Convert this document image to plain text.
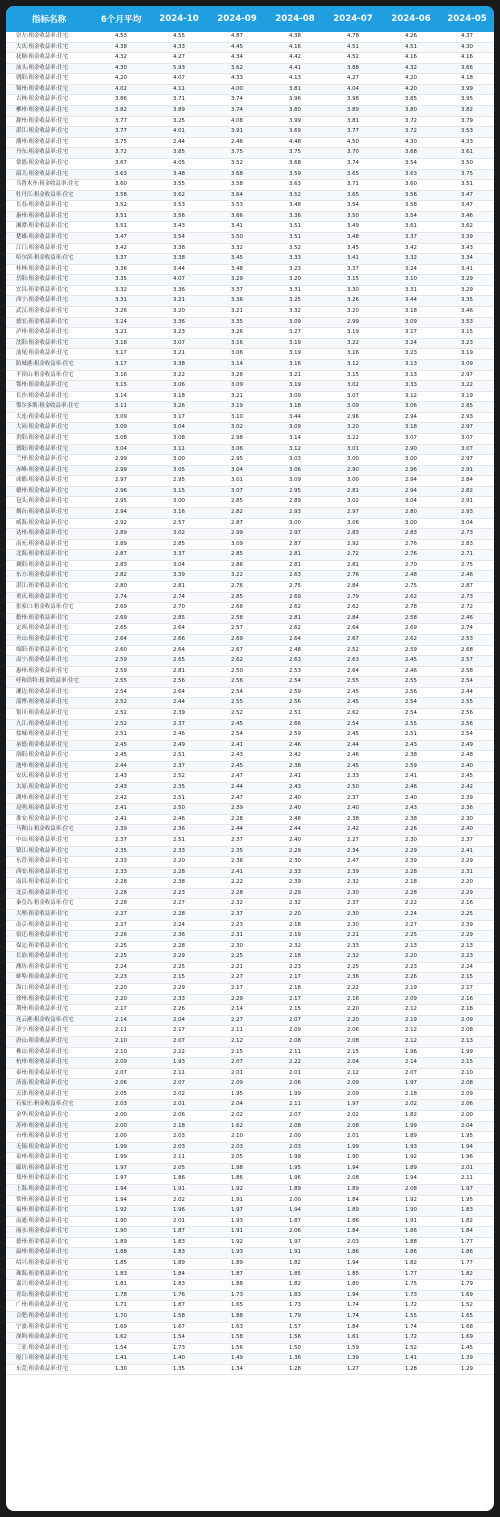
指标名称	6个月平均	2024-10	2024-09	2024-08	2024-07	2024-06	2024-05
崇左:租金收益率:住宅	4.53	4.55	4.87	4.38	4.78	4.26	4.37
大庆:租金收益率:住宅	4.38	4.33	4.45	4.16	4.51	4.51	4.30
抚顺:租金收益率:住宅	4.32	4.27	4.34	4.42	4.52	4.16	4.16
汕头:租金收益率:住宅	4.30	5.93	3.62	4.41	3.88	4.32	3.66
朝阳:租金收益率:住宅	4.20	4.07	4.33	4.13	4.27	4.20	4.18
锦州:租金收益率:住宅	4.02	4.11	4.00	3.81	4.04	4.20	3.99
吉林:租金收益率:住宅	3.86	3.71	3.74	3.96	3.98	3.85	3.95
郴州:租金收益率:住宅	3.82	3.89	3.74	3.80	3.89	3.80	3.82
滁州:租金收益率:住宅	3.77	3.25	4.08	3.99	3.81	3.72	3.79
湛江:租金收益率:住宅	3.77	4.01	3.91	3.69	3.77	3.72	3.53
潮州:租金收益率:住宅	3.75	2.44	2.46	4.48	4.50	4.30	4.33
丹东:租金收益率:住宅	3.72	3.85	3.75	3.75	3.70	3.68	3.61
常德:租金收益率:住宅	3.67	4.05	3.52	3.68	3.74	3.54	3.50
韶关:租金收益率:住宅	3.63	3.48	3.68	3.59	3.65	3.63	3.75
乌鲁木齐:租金收益率:住宅	3.60	3.55	3.58	3.63	3.71	3.60	3.51
牡丹江:租金收益率:住宅	3.58	3.62	3.64	3.52	3.65	3.56	3.47
长春:租金收益率:住宅	3.52	3.53	3.53	3.48	3.54	3.58	3.47
惠州:租金收益率:住宅	3.51	3.56	3.66	3.36	3.50	3.54	3.46
湘潭:租金收益率:住宅	3.51	3.43	3.41	3.51	3.49	3.61	3.62
楚雄:租金收益率:住宅	3.47	3.54	3.50	3.51	3.48	3.37	3.39
江门:租金收益率:住宅	3.42	3.38	3.32	3.52	3.45	3.42	3.43
哈尔滨:租金收益率:住宅	3.37	3.38	3.45	3.33	3.41	3.32	3.34
桂林:租金收益率:住宅	3.36	3.44	3.48	3.23	3.37	3.24	3.41
岳阳:租金收益率:住宅	3.35	4.07	3.29	3.20	3.15	3.10	3.29
宜昌:租金收益率:住宅	3.32	3.36	3.37	3.31	3.30	3.31	3.29
西宁:租金收益率:住宅	3.31	3.21	3.36	3.25	3.26	3.44	3.35
武汉:租金收益率:住宅	3.26	3.20	3.21	3.32	3.20	3.18	3.46
德宏:租金收益率:住宅	3.24	3.36	3.35	3.09	2.99	3.09	3.53
泸州:租金收益率:住宅	3.21	3.23	3.26	3.27	3.19	3.17	3.15
沈阳:租金收益率:住宅	3.18	3.07	3.16	3.19	3.22	3.24	3.23
汕尾:租金收益率:住宅	3.17	3.21	3.06	3.19	3.16	3.23	3.19
防城港:租金收益率:住宅	3.17	3.38	3.14	3.16	3.12	3.13	3.09
平顶山:租金收益率:住宅	3.16	3.22	3.28	3.21	3.15	3.13	2.97
鄂州:租金收益率:住宅	3.15	3.06	3.09	3.19	3.02	3.33	3.22
长沙:租金收益率:住宅	3.14	3.18	3.21	3.09	3.07	3.12	3.19
鄂尔多斯:租金收益率:住宅	3.11	3.26	3.19	3.18	3.09	3.06	2.85
大连:租金收益率:住宅	3.09	3.17	3.10	3.44	2.96	2.94	2.93
大同:租金收益率:住宅	3.09	3.04	3.02	3.09	3.20	3.18	2.97
贵阳:租金收益率:住宅	3.08	3.08	2.98	3.14	3.22	3.07	3.07
德阳:租金收益率:住宅	3.04	3.11	3.06	3.12	3.01	2.90	3.07
兰州:租金收益率:住宅	2.99	3.00	2.95	3.03	3.00	3.00	2.97
赤峰:租金收益率:住宅	2.99	3.05	3.04	3.06	2.90	2.96	2.91
成都:租金收益率:住宅	2.97	2.95	3.01	3.09	3.00	2.94	2.84
赣州:租金收益率:住宅	2.96	3.15	3.07	2.95	2.81	2.94	2.82
包头:租金收益率:住宅	2.95	3.00	2.85	2.89	3.02	3.04	2.91
烟台:租金收益率:住宅	2.94	3.16	2.82	2.93	2.97	2.80	2.93
威海:租金收益率:住宅	2.92	2.57	2.87	3.00	3.06	3.00	3.04
达州:租金收益率:住宅	2.89	3.02	2.99	2.97	2.83	2.83	2.73
南充:租金收益率:住宅	2.89	2.85	3.09	2.87	2.92	2.76	2.83
北海:租金收益率:住宅	2.87	3.37	2.85	2.81	2.72	2.76	2.71
襄阳:租金收益率:住宅	2.83	3.04	2.86	2.81	2.81	2.70	2.75
东方:租金收益率:住宅	2.82	3.39	3.22	2.63	2.76	2.48	2.46
湛江:租金收益率:住宅	2.80	2.81	2.76	2.75	2.84	2.75	2.87
重庆:租金收益率:住宅	2.74	2.74	2.85	2.69	2.79	2.62	2.73
张家口:租金收益率:住宅	2.69	2.70	2.68	2.62	2.62	2.78	2.72
儋州:租金收益率:住宅	2.69	2.85	2.58	2.81	2.84	2.58	2.46
定西:租金收益率:住宅	2.65	2.64	2.57	2.62	2.64	2.69	2.74
舟山:租金收益率:住宅	2.64	2.66	2.69	2.64	2.67	2.62	2.53
绵阳:租金收益率:住宅	2.60	2.64	2.67	2.48	2.52	2.59	2.68
南宁:租金收益率:住宅	2.59	2.65	2.62	2.63	2.63	2.45	2.57
惠州:租金收益率:住宅	2.59	2.81	2.50	2.53	2.64	2.46	2.58
呼和浩特:租金收益率:住宅	2.55	2.56	2.56	2.54	2.55	2.55	2.54
漯边:租金收益率:住宅	2.54	2.64	2.54	2.59	2.45	2.56	2.44
淄博:租金收益率:住宅	2.52	2.44	2.55	2.56	2.45	2.54	2.55
银川:租金收益率:住宅	2.52	2.39	2.52	2.51	2.62	2.54	2.56
九江:租金收益率:住宅	2.52	2.37	2.45	2.66	2.54	2.55	2.56
盐城:租金收益率:住宅	2.51	2.46	2.54	2.59	2.45	2.51	2.54
承德:租金收益率:住宅	2.45	2.49	2.41	2.46	2.44	2.43	2.49
洛阳:租金收益率:住宅	2.45	2.51	2.43	2.42	2.46	2.38	2.48
池州:租金收益率:住宅	2.44	2.37	2.45	2.38	2.45	2.59	2.40
安庆:租金收益率:住宅	2.43	2.52	2.47	2.41	2.33	2.41	2.45
太原:租金收益率:住宅	2.43	2.35	2.44	2.43	2.50	2.46	2.42
湖州:租金收益率:住宅	2.42	2.51	2.47	2.40	2.37	2.40	2.39
昆明:租金收益率:住宅	2.41	2.50	2.39	2.40	2.40	2.43	2.36
淮安:租金收益率:住宅	2.41	2.46	2.28	2.48	2.38	2.38	2.30
马鞍山:租金收益率:住宅	2.39	2.36	2.44	2.44	2.42	2.26	2.40
中山:租金收益率:住宅	2.37	2.51	2.37	2.40	2.27	2.30	2.37
镇江:租金收益率:住宅	2.35	2.33	2.35	2.29	2.34	2.29	2.41
东营:租金收益率:住宅	2.33	2.20	2.36	2.30	2.47	2.39	2.29
西安:租金收益率:住宅	2.33	2.28	2.41	2.33	2.39	2.28	2.31
南昌:租金收益率:住宅	2.28	2.38	2.22	2.39	2.32	2.18	2.20
北京:租金收益率:住宅	2.28	2.23	2.28	2.29	2.30	2.28	2.29
秦皇岛:租金收益率:住宅	2.28	2.27	2.32	2.32	2.37	2.22	2.16
大理:租金收益率:住宅	2.27	2.28	2.37	2.20	2.30	2.24	2.25
南京:租金收益率:住宅	2.27	2.24	2.23	2.18	2.30	2.27	2.39
宿迁:租金收益率:住宅	2.26	2.36	2.31	2.19	2.21	2.25	2.29
保定:租金收益率:住宅	2.25	2.28	2.30	2.32	2.33	2.13	2.13
长治:租金收益率:住宅	2.25	2.29	2.25	2.18	2.32	2.20	2.23
潍坊:租金收益率:住宅	2.24	2.25	2.21	2.23	2.25	2.23	2.24
蚌埠:租金收益率:住宅	2.23	2.15	2.27	2.17	2.36	2.26	2.15
海口:租金收益率:住宅	2.20	2.29	2.17	2.18	2.22	2.19	2.17
徐州:租金收益率:住宅	2.20	2.33	2.29	2.17	2.16	2.09	2.16
荆州:租金收益率:住宅	2.17	2.26	2.14	2.15	2.20	2.12	2.18
连云港:租金收益率:住宅	2.14	2.04	2.27	2.07	2.20	2.19	2.09
济宁:租金收益率:住宅	2.11	2.17	2.11	2.09	2.06	2.12	2.08
唐山:租金收益率:住宅	2.10	2.07	2.12	2.08	2.08	2.12	2.13
佛山:租金收益率:住宅	2.10	2.22	2.15	2.11	2.15	1.96	1.99
杭州:租金收益率:住宅	2.09	1.93	2.07	2.22	2.04	2.14	2.15
泰州:租金收益率:住宅	2.07	2.11	2.01	2.01	2.12	2.07	2.10
济南:租金收益率:住宅	2.06	2.07	2.09	2.06	2.09	1.97	2.08
天津:租金收益率:住宅	2.05	2.02	1.95	1.99	2.09	2.18	2.09
石家庄:租金收益率:住宅	2.03	2.01	2.04	2.11	1.97	2.02	2.06
金华:租金收益率:住宅	2.00	2.06	2.02	2.07	2.02	1.82	2.00
苏州:租金收益率:住宅	2.00	2.18	1.62	2.08	2.08	1.99	2.04
台州:租金收益率:住宅	2.00	2.03	2.10	2.00	2.01	1.89	1.95
无锡:租金收益率:住宅	1.99	2.03	2.03	2.03	1.99	1.93	1.94
泉州:租金收益率:住宅	1.99	2.11	2.05	1.99	1.90	1.92	1.96
廊坊:租金收益率:住宅	1.97	2.05	1.98	1.95	1.94	1.89	2.01
郑州:租金收益率:住宅	1.97	1.86	1.86	1.96	2.08	1.94	2.11
上海:租金收益率:住宅	1.94	1.91	1.92	1.89	1.89	2.08	1.97
常州:租金收益率:住宅	1.94	2.02	1.91	2.00	1.84	1.92	1.95
福州:租金收益率:住宅	1.92	1.96	1.97	1.94	1.89	1.90	1.83
南通:租金收益率:住宅	1.90	2.01	1.93	1.87	1.86	1.91	1.82
丽水:租金收益率:住宅	1.90	1.87	1.91	2.06	1.84	1.86	1.84
德州:租金收益率:住宅	1.89	1.83	1.92	1.97	2.03	1.88	1.77
温州:租金收益率:住宅	1.88	1.83	1.93	1.91	1.86	1.86	1.86
绍兴:租金收益率:住宅	1.85	1.89	1.89	1.82	1.94	1.82	1.77
珠海:租金收益率:住宅	1.83	1.84	1.87	1.85	1.85	1.77	1.82
嘉兴:租金收益率:住宅	1.81	1.83	1.88	1.82	1.80	1.75	1.79
青岛:租金收益率:住宅	1.78	1.76	1.73	1.83	1.94	1.73	1.69
广州:租金收益率:住宅	1.71	1.87	1.65	1.73	1.74	1.72	1.52
合肥:租金收益率:住宅	1.70	1.58	1.88	1.79	1.74	1.55	1.65
宁波:租金收益率:住宅	1.69	1.67	1.63	1.57	1.84	1.74	1.68
深圳:租金收益率:住宅	1.62	1.54	1.58	1.56	1.61	1.72	1.69
三亚:租金收益率:住宅	1.54	1.73	1.56	1.50	1.59	1.52	1.45
厦门:租金收益率:住宅	1.41	1.40	1.49	1.36	1.39	1.41	1.39
东莞:租金收益率:住宅	1.30	1.35	1.34	1.28	1.27	1.28	1.29
